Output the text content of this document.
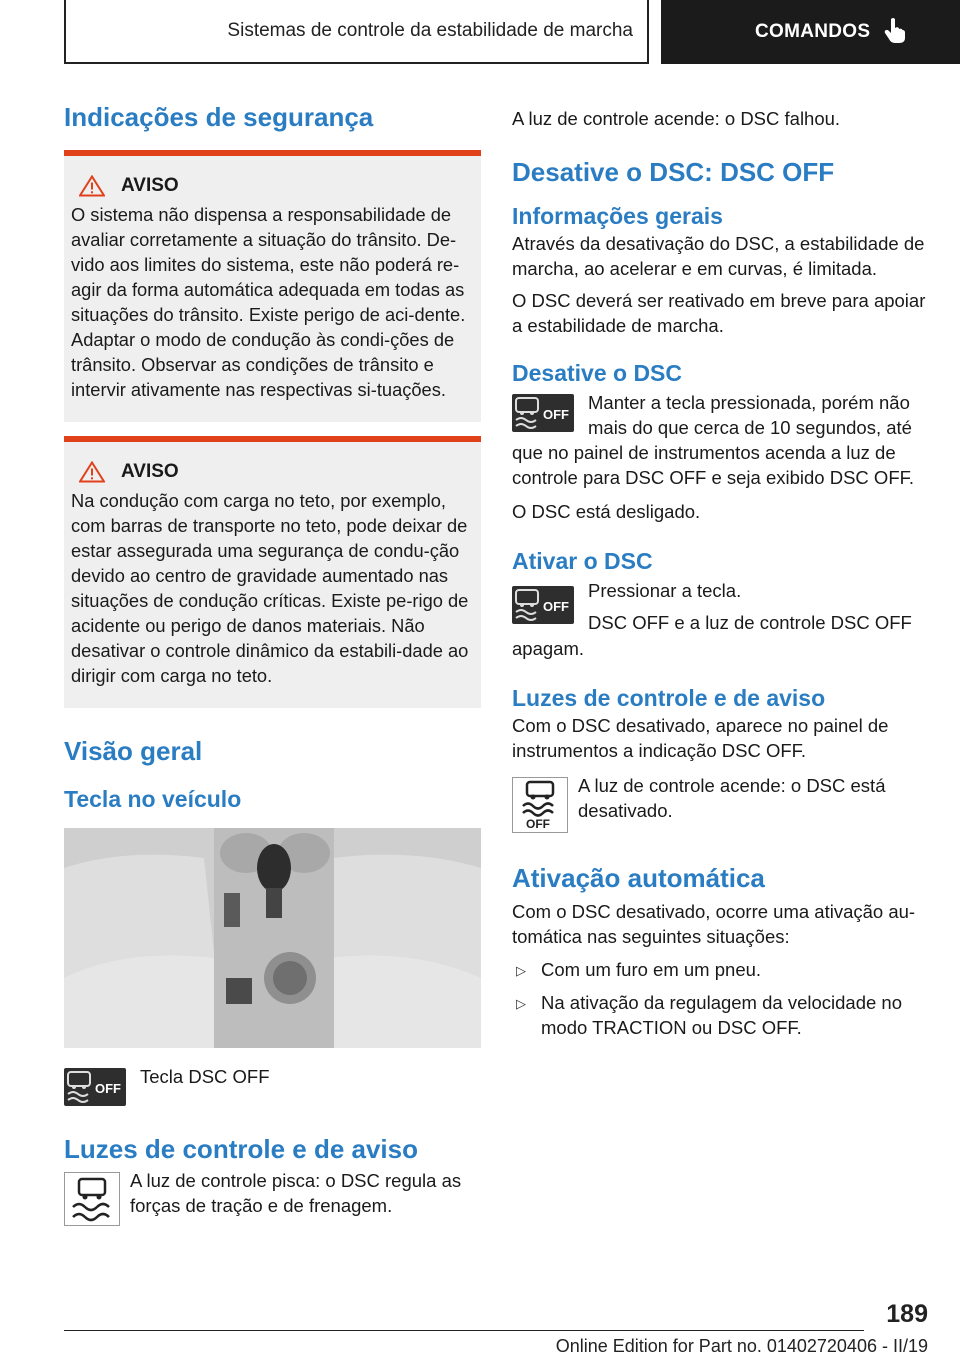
Sistemas de controle da estabilidade de marcha	COMANDOS
Indicações de segurança
AVISO

O sistema não dispensa a responsabilidade de avaliar corretamente a situação do trânsito. De-vido aos limites do sistema, este não poderá re-agir da forma automática adequada em todas as situações do trânsito. Existe perigo de aci-dente. Adaptar o modo de condução às condi-ções de trânsito. Observar as condições de trânsito e intervir ativamente nas respectivas si-tuações.

AVISO

Na condução com carga no teto, por exemplo, com barras de transporte no teto, pode deixar de estar assegurada uma segurança de condu-ção devido ao centro de gravidade aumentado nas situações de condução críticas. Existe pe-rigo de acidente ou perigo de danos materiais. Não desativar o controle dinâmico da estabili-dade ao dirigir com carga no teto.

Visão geral
Tecla no veículo
OFF
Tecla DSC OFF
Luzes de controle e de aviso
A luz de controle pisca: o DSC regula as forças de tração e de frenagem.

A luz de controle acende: o DSC falhou.

Desative o DSC: DSC OFF
Informações gerais

Através da desativação do DSC, a estabilidade de marcha, ao acelerar e em curvas, é limitada.

O DSC deverá ser reativado em breve para apoiar a estabilidade de marcha.

Desative o DSC
OFF
Manter a tecla pressionada, porém não mais do que cerca de 10 segundos, até

que no painel de instrumentos acenda a luz de controle para DSC OFF e seja exibido DSC OFF.

O DSC está desligado.

Ativar o DSC
OFF
Pressionar a tecla.
DSC OFF e a luz de controle DSC OFF

apagam.

Luzes de controle e de aviso

Com o DSC desativado, aparece no painel de instrumentos a indicação DSC OFF.

OFF
A luz de controle acende: o DSC está desativado.
Ativação automática

Com o DSC desativado, ocorre uma ativação au-tomática nas seguintes situações:

▷ Com um furo em um pneu.
▷ Na ativação da regulagem da velocidade no modo TRACTION ou DSC OFF.
189
Online Edition for Part no. 01402720406 - II/19
